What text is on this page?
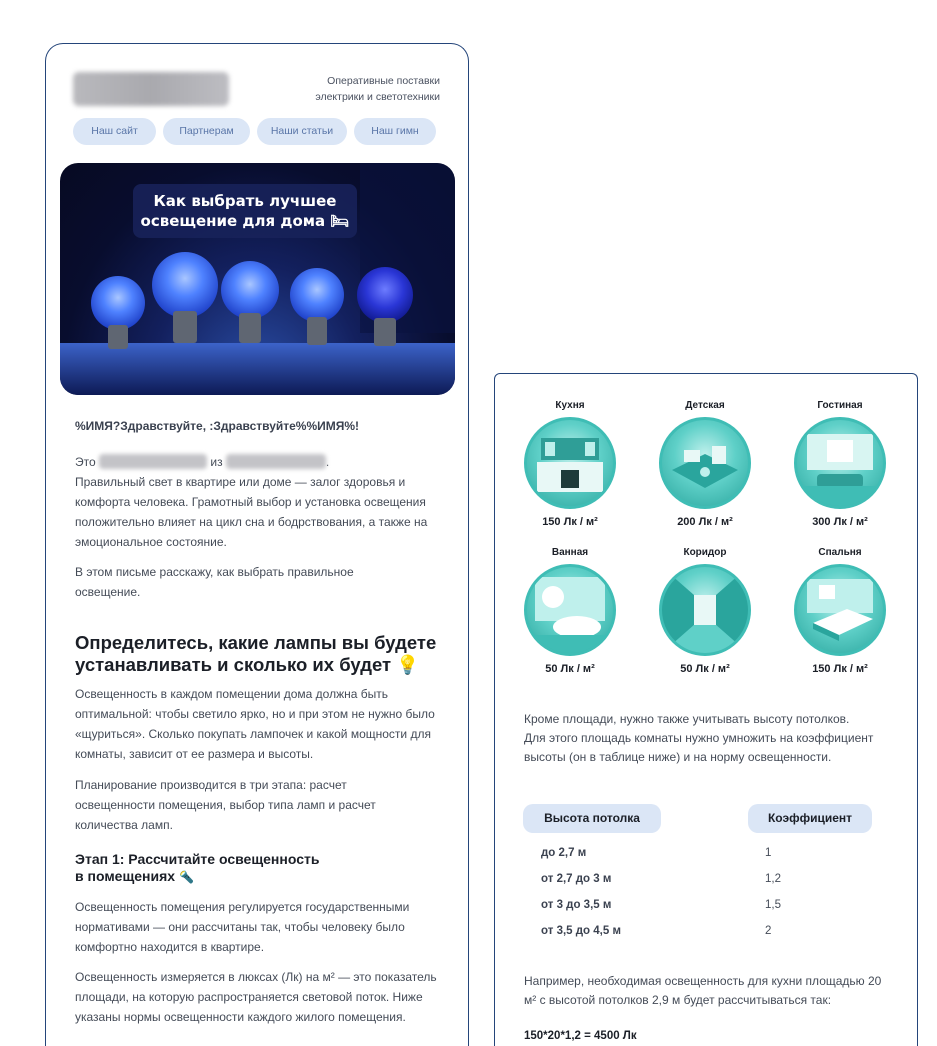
Оперативные поставки
электрики и светотехники
Наш сайт	Партнерам	Наши статьи	Наш гимн
Как выбрать лучшее
освещение для дома 🛏
%ИМЯ?Здравствуйте, :Здравствуйте%%ИМЯ%!
Это	из	.
Правильный свет в квартире или доме — залог здоровья и комфорта человека. Грамотный выбор и установка освещения положительно влияет на цикл сна и бодрствования, а также на эмоциональное состояние.
В этом письме расскажу, как выбрать правильное освещение.
Определитесь, какие лампы вы будете устанавливать и сколько их будет 💡
Освещенность в каждом помещении дома должна быть оптимальной: чтобы светило ярко, но и при этом не нужно было «щуриться». Сколько покупать лампочек и какой мощности для комнаты, зависит от ее размера и высоты.
Планирование производится в три этапа: расчет освещенности помещения, выбор типа ламп и расчет количества ламп.
Этап 1: Рассчитайте освещенность
в помещениях 🔦
Освещенность помещения регулируется государственными нормативами — они рассчитаны так, чтобы человеку было комфортно находится в квартире.
Освещенность измеряется в люксах (Лк) на м² — это показатель площади, на которую распространяется световой поток. Ниже указаны нормы освещенности каждого жилого помещения.
Кухня
150 Лк / м²
Детская
200 Лк / м²
Гостиная
300 Лк / м²
Ванная
50 Лк / м²
Коридор
50 Лк / м²
Спальня
150 Лк / м²
Кроме площади, нужно также учитывать высоту потолков. Для этого площадь комнаты нужно умножить на коэффициент высоты (он в таблице ниже) и на норму освещенности.
Высота потолка	Коэффициент
до 2,7 м	1
от 2,7 до 3 м	1,2
от 3 до 3,5 м	1,5
от 3,5 до 4,5 м	2
Например, необходимая освещенность для кухни площадью 20 м² с высотой потолков 2,9 м будет рассчитываться так:
150*20*1,2 = 4500 Лк
